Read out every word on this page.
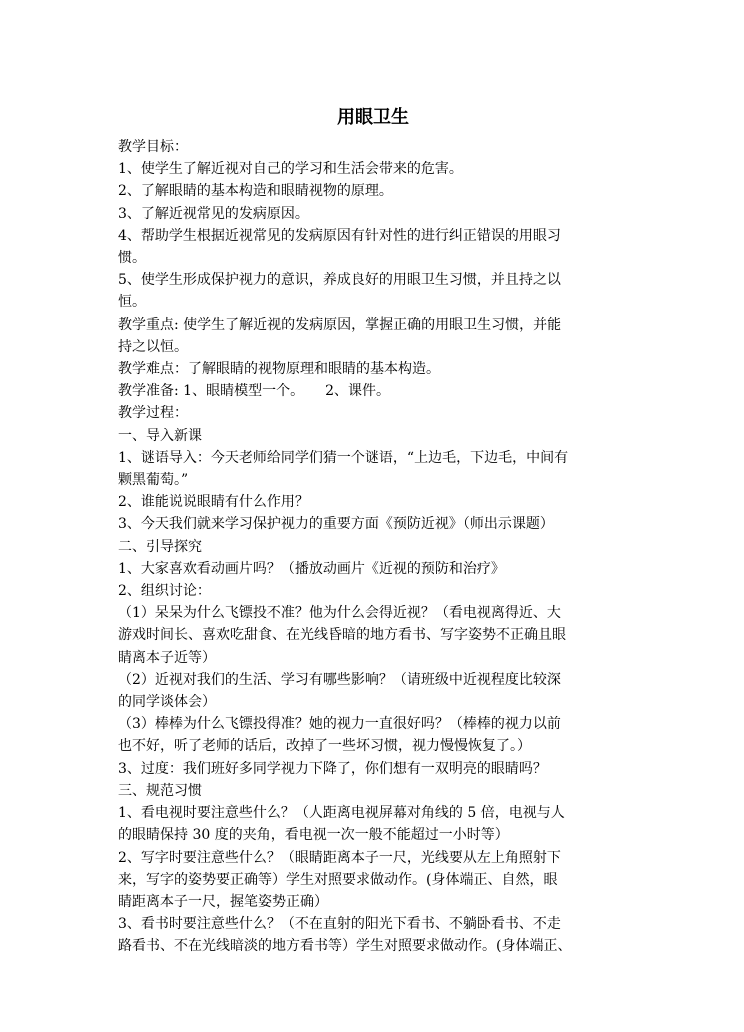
用眼卫生

教学目标：

1、使学生了解近视对自己的学习和生活会带来的危害。

2、了解眼睛的基本构造和眼睛视物的原理。

3、了解近视常见的发病原因。

4、帮助学生根据近视常见的发病原因有针对性的进行纠正错误的用眼习

惯。

5、使学生形成保护视力的意识，养成良好的用眼卫生习惯，并且持之以

恒。

教学重点: 使学生了解近视的发病原因，掌握正确的用眼卫生习惯，并能

持之以恒。

教学难点：了解眼睛的视物原理和眼睛的基本构造。

教学准备: 1、眼睛模型一个。　　2、课件。

教学过程：

一、导入新课

1、谜语导入：今天老师给同学们猜一个谜语，“上边毛，下边毛，中间有

颗黑葡萄。”

2、谁能说说眼睛有什么作用？

3、今天我们就来学习保护视力的重要方面《预防近视》（师出示课题）

二、引导探究

1、大家喜欢看动画片吗？（播放动画片《近视的预防和治疗》

2、组织讨论：

（1）呆呆为什么飞镖投不准？他为什么会得近视？（看电视离得近、大

游戏时间长、喜欢吃甜食、在光线昏暗的地方看书、写字姿势不正确且眼

睛离本子近等）

（2）近视对我们的生活、学习有哪些影响？（请班级中近视程度比较深

的同学谈体会）

（3）棒棒为什么飞镖投得准？她的视力一直很好吗？（棒棒的视力以前

也不好，听了老师的话后，改掉了一些坏习惯，视力慢慢恢复了。）

3、过度：我们班好多同学视力下降了，你们想有一双明亮的眼睛吗？

三、规范习惯

1、看电视时要注意些什么？（人距离电视屏幕对角线的 5 倍，电视与人

的眼睛保持 30 度的夹角，看电视一次一般不能超过一小时等）

2、写字时要注意些什么？（眼睛距离本子一尺，光线要从左上角照射下

来，写字的姿势要正确等）学生对照要求做动作。(身体端正、自然，眼

睛距离本子一尺，握笔姿势正确）

3、看书时要注意些什么？（不在直射的阳光下看书、不躺卧看书、不走

路看书、不在光线暗淡的地方看书等）学生对照要求做动作。(身体端正、
